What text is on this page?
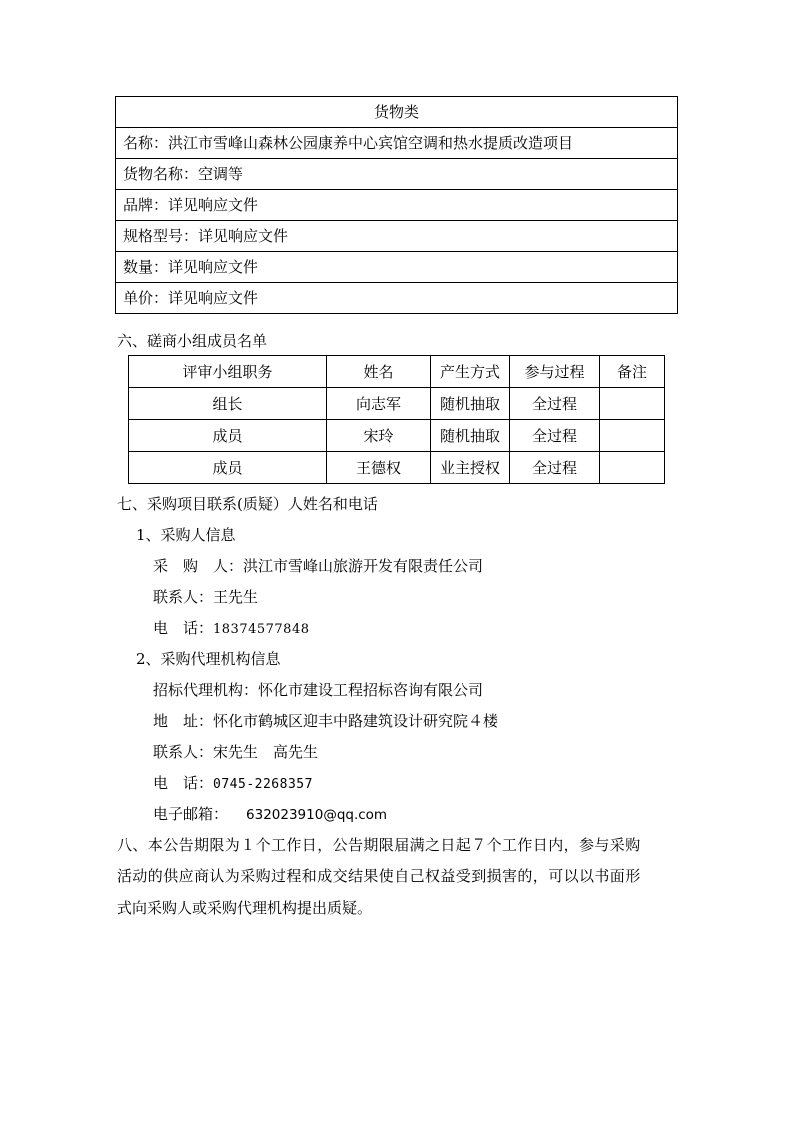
货物类
名称：洪江市雪峰山森林公园康养中心宾馆空调和热水提质改造项目
货物名称：空调等
品牌：详见响应文件
规格型号：详见响应文件
数量：详见响应文件
单价：详见响应文件
六、磋商小组成员名单
评审小组职务	姓名	产生方式	参与过程	备注
组长	向志军	随机抽取	全过程	
成员	宋玲	随机抽取	全过程	
成员	王德权	业主授权	全过程	
七、采购项目联系(质疑）人姓名和电话
1、采购人信息
采　购　人：洪江市雪峰山旅游开发有限责任公司
联系人：王先生
电　话：18374577848
2、采购代理机构信息
招标代理机构：怀化市建设工程招标咨询有限公司
地　址：怀化市鹤城区迎丰中路建筑设计研究院４楼
联系人：宋先生　高先生
电　话：0745-2268357
电子邮箱： 632023910@qq.com
八、本公告期限为１个工作日，公告期限届满之日起７个工作日内，参与采购
活动的供应商认为采购过程和成交结果使自己权益受到损害的，可以以书面形
式向采购人或采购代理机构提出质疑。
